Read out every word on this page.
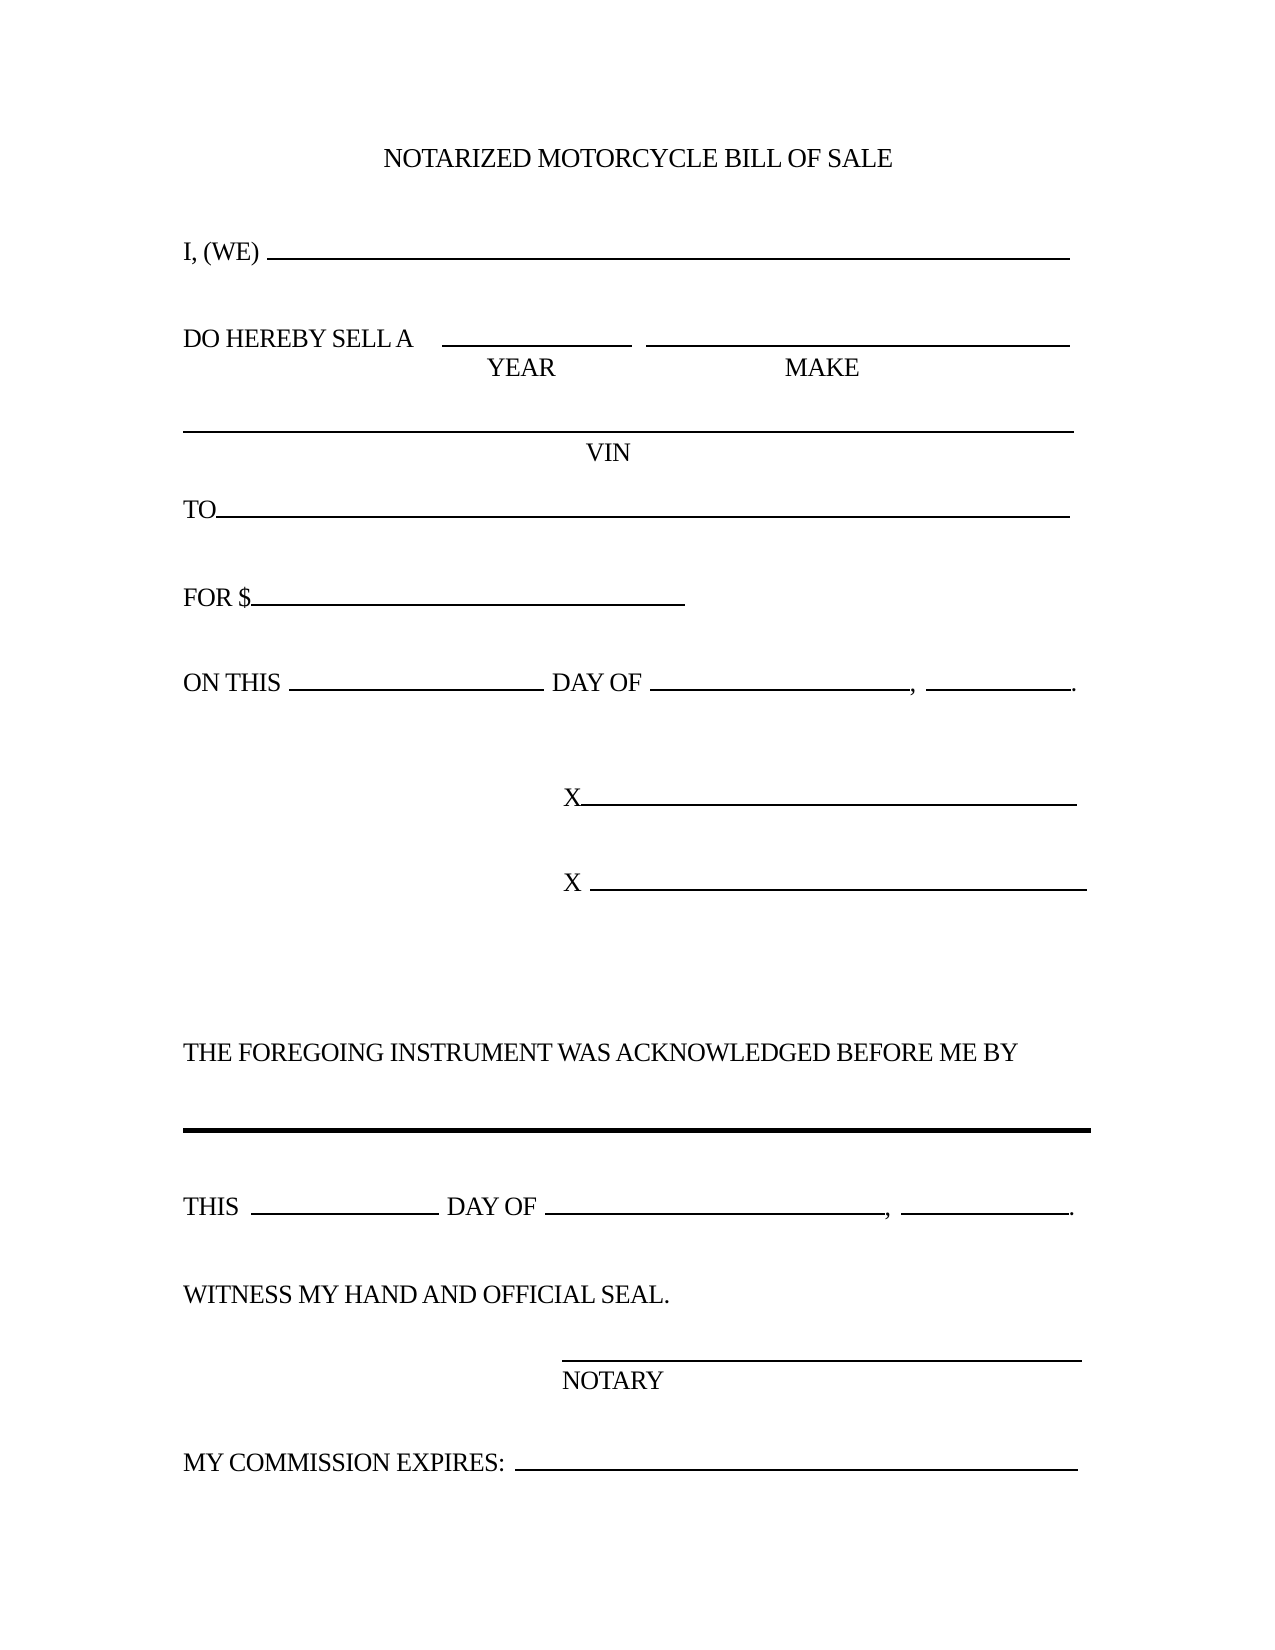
NOTARIZED MOTORCYCLE BILL OF SALE
I, (WE)
DO HEREBY SELL A
YEAR	MAKE
VIN
TO
FOR $
ON THIS	DAY OF	,	.
X
X
THE FOREGOING INSTRUMENT WAS ACKNOWLEDGED BEFORE ME BY
THIS	DAY OF	,	.
WITNESS MY HAND AND OFFICIAL SEAL.
NOTARY
MY COMMISSION EXPIRES:
